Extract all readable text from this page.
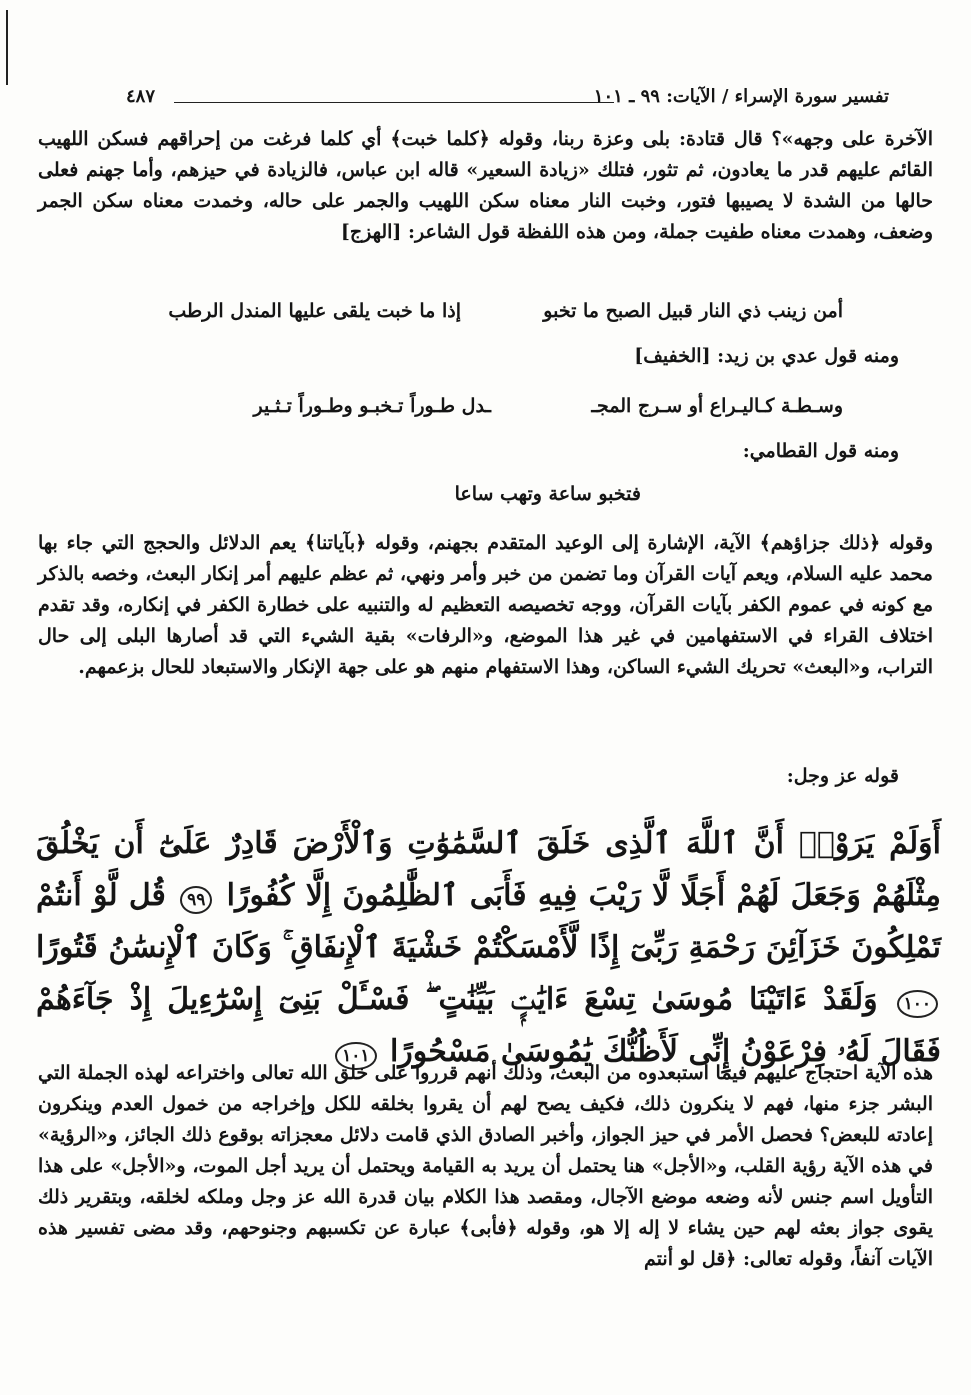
تفسير سورة الإسراء / الآيات: ٩٩ ـ ١٠١
٤٨٧

الآخرة على وجهه»؟ قال قتادة: بلى وعزة ربنا، وقوله ﴿كلما خبت﴾ أي كلما فرغت من إحراقهم فسكن اللهيب القائم عليهم قدر ما يعادون، ثم تثور، فتلك «زيادة السعير» قاله ابن عباس، فالزيادة في حيزهم، وأما جهنم فعلى حالها من الشدة لا يصيبها فتور، وخبت النار معناه سكن اللهيب والجمر على حاله، وخمدت معناه سكن الجمر وضعف، وهمدت معناه طفيت جملة، ومن هذه اللفظة قول الشاعر: [الهزج]

أمن زينب ذي النار قبيل الصبح ما تخبو
إذا ما خبت يلقى عليها المندل الرطب
ومنه قول عدي بن زيد: [الخفيف]
وسـطـة كـاليـراع أو سـرج المجـ
ـدل طـوراً تـخبـو وطـوراً تـثـير
ومنه قول القطامي:
فتخبو ساعة وتهب ساعا

وقوله ﴿ذلك جزاؤهم﴾ الآية، الإشارة إلى الوعيد المتقدم بجهنم، وقوله ﴿بآياتنا﴾ يعم الدلائل والحجج التي جاء بها محمد عليه السلام، ويعم آيات القرآن وما تضمن من خبر وأمر ونهي، ثم عظم عليهم أمر إنكار البعث، وخصه بالذكر مع كونه في عموم الكفر بآيات القرآن، ووجه تخصيصه التعظيم له والتنبيه على خطارة الكفر في إنكاره، وقد تقدم اختلاف القراء في الاستفهامين في غير هذا الموضع، و«الرفات» بقية الشيء التي قد أصارها البلى إلى حال التراب، و«البعث» تحريك الشيء الساكن، وهذا الاستفهام منهم هو على جهة الإنكار والاستبعاد للحال بزعمهم.

قوله عز وجل:

أَوَلَمْ يَرَوْا۟ أَنَّ ٱللَّهَ ٱلَّذِى خَلَقَ ٱلسَّمَٰوَٰتِ وَٱلْأَرْضَ قَادِرٌ عَلَىٰٓ أَن يَخْلُقَ مِثْلَهُمْ وَجَعَلَ لَهُمْ أَجَلًا لَّا رَيْبَ فِيهِ فَأَبَى ٱلظَّٰلِمُونَ إِلَّا كُفُورًا ٩٩ قُل لَّوْ أَنتُمْ تَمْلِكُونَ خَزَآئِنَ رَحْمَةِ رَبِّىٓ إِذًا لَّأَمْسَكْتُمْ خَشْيَةَ ٱلْإِنفَاقِ ۚ وَكَانَ ٱلْإِنسَٰنُ قَتُورًا ١٠٠ وَلَقَدْ ءَاتَيْنَا مُوسَىٰ تِسْعَ ءَايَٰتٍۭ بَيِّنَٰتٍ ۖ فَسْـَٔلْ بَنِىٓ إِسْرَٰٓءِيلَ إِذْ جَآءَهُمْ فَقَالَ لَهُۥ فِرْعَوْنُ إِنِّى لَأَظُنُّكَ يَٰمُوسَىٰ مَسْحُورًا ١٠١

هذه الآية احتجاج عليهم فيما استبعدوه من البعث، وذلك أنهم قرروا على خلق الله تعالى واختراعه لهذه الجملة التي البشر جزء منها، فهم لا ينكرون ذلك، فكيف يصح لهم أن يقروا بخلقه للكل وإخراجه من خمول العدم وينكرون إعادته للبعض؟ فحصل الأمر في حيز الجواز، وأخبر الصادق الذي قامت دلائل معجزاته بوقوع ذلك الجائز، و«الرؤية» في هذه الآية رؤية القلب، و«الأجل» هنا يحتمل أن يريد به القيامة ويحتمل أن يريد أجل الموت، و«الأجل» على هذا التأويل اسم جنس لأنه وضعه موضع الآجال، ومقصد هذا الكلام بيان قدرة الله عز وجل وملكه لخلقه، وبتقرير ذلك يقوى جواز بعثه لهم حين يشاء لا إله إلا هو، وقوله ﴿فأبى﴾ عبارة عن تكسبهم وجنوحهم، وقد مضى تفسير هذه الآيات آنفاً، وقوله تعالى: ﴿قل لو أنتم
